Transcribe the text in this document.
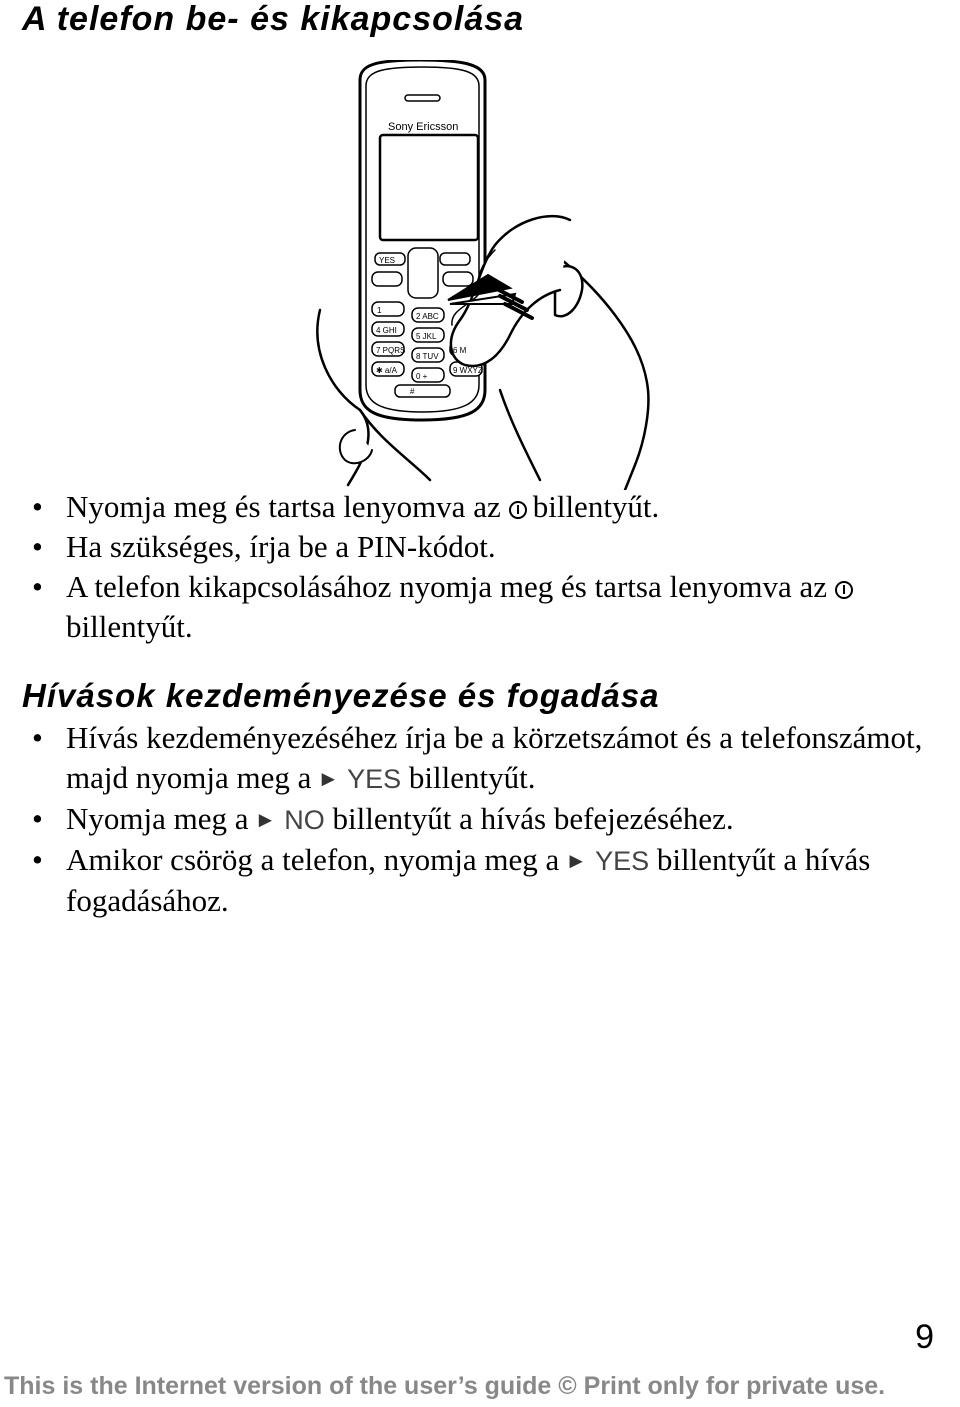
A telefon be- és kikapcsolása
Sony Ericsson
YES
1
2 ABC
4 GHI
5 JKL
7 PQRS
8 TUV
6 M
✱ a/A
0 +
9 WXYZ
#
• Nyomja meg és tartsa lenyomva az billentyűt.
• Ha szükséges, írja be a PIN-kódot.
• A telefon kikapcsolásához nyomja meg és tartsa lenyomva azbillentyűt.
Hívások kezdeményezése és fogadása
• Hívás kezdeményezéséhez írja be a körzetszámot és a telefonszámot, majd nyomja meg a ► YES billentyűt.
• Nyomja meg a ► NO billentyűt a hívás befejezéséhez.
• Amikor csörög a telefon, nyomja meg a ► YES billentyűt a hívás fogadásához.
9
This is the Internet version of the user’s guide © Print only for private use.
